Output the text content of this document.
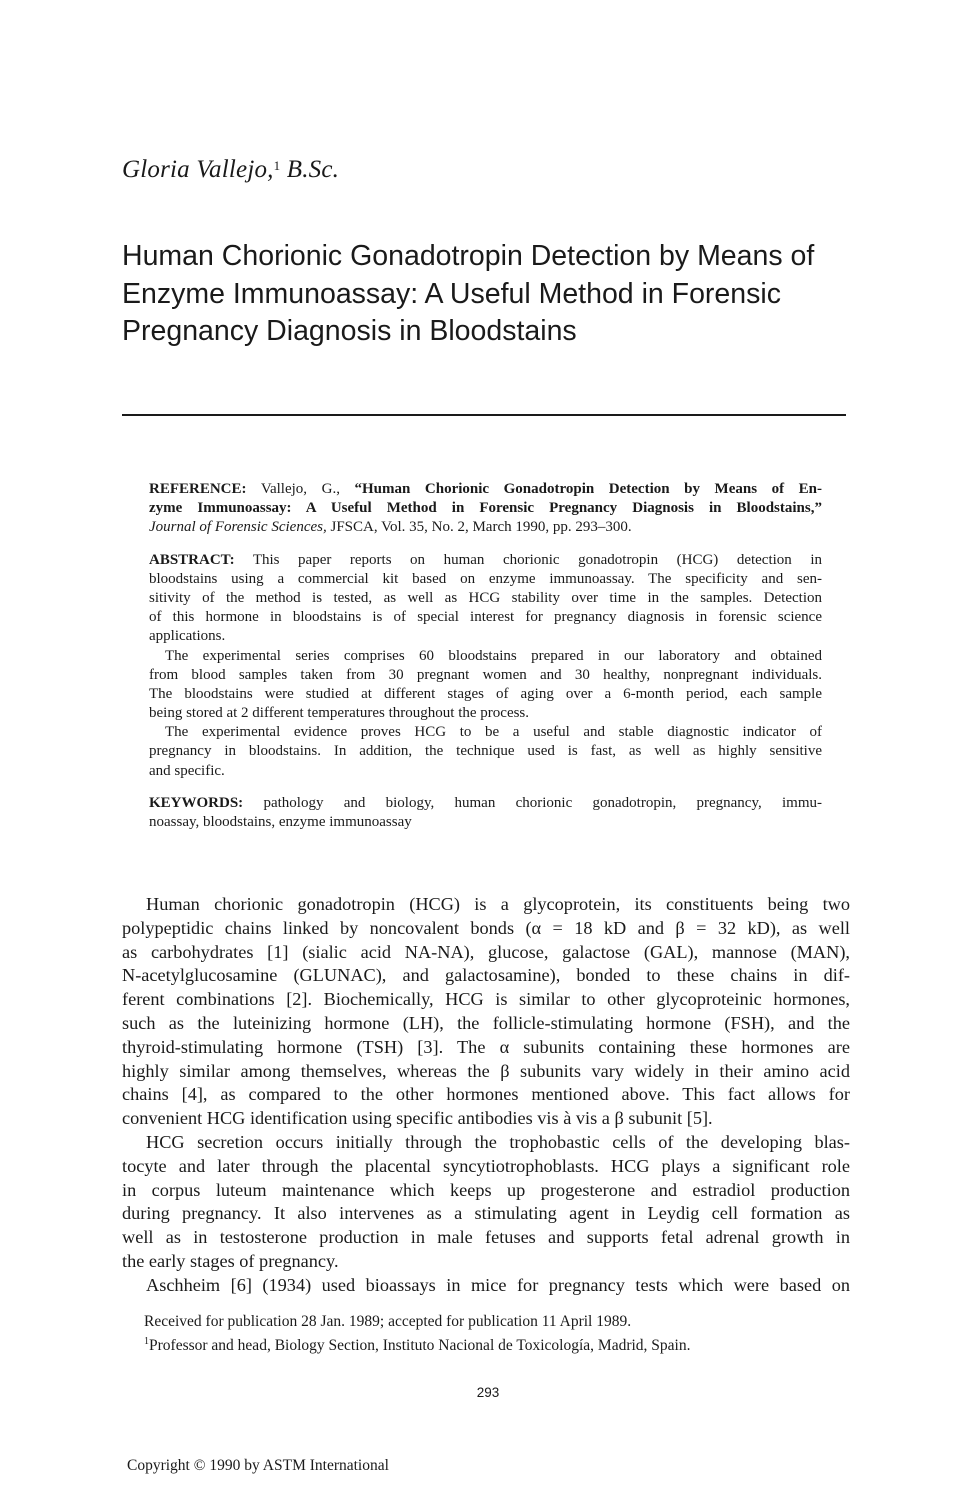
Gloria Vallejo,$^1$ B.Sc.
Human Chorionic Gonadotropin Detection by Means of
Enzyme Immunoassay: A Useful Method in Forensic
Pregnancy Diagnosis in Bloodstains
REFERENCE: Vallejo, G., “Human Chorionic Gonadotropin Detection by Means of En-
zyme Immunoassay: A Useful Method in Forensic Pregnancy Diagnosis in Bloodstains,”
Journal of Forensic Sciences, JFSCA, Vol. 35, No. 2, March 1990, pp. 293–300.
ABSTRACT: This paper reports on human chorionic gonadotropin (HCG) detection in
bloodstains using a commercial kit based on enzyme immunoassay. The specificity and sen-
sitivity of the method is tested, as well as HCG stability over time in the samples. Detection
of this hormone in bloodstains is of special interest for pregnancy diagnosis in forensic science
applications.
The experimental series comprises 60 bloodstains prepared in our laboratory and obtained
from blood samples taken from 30 pregnant women and 30 healthy, nonpregnant individuals.
The bloodstains were studied at different stages of aging over a 6-month period, each sample
being stored at 2 different temperatures throughout the process.
The experimental evidence proves HCG to be a useful and stable diagnostic indicator of
pregnancy in bloodstains. In addition, the technique used is fast, as well as highly sensitive
and specific.
KEYWORDS: pathology and biology, human chorionic gonadotropin, pregnancy, immu-
noassay, bloodstains, enzyme immunoassay
Human chorionic gonadotropin (HCG) is a glycoprotein, its constituents being two
polypeptidic chains linked by noncovalent bonds (α = 18 kD and β = 32 kD), as well
as carbohydrates [1] (sialic acid NA-NA), glucose, galactose (GAL), mannose (MAN),
N-acetylglucosamine (GLUNAC), and galactosamine), bonded to these chains in dif-
ferent combinations [2]. Biochemically, HCG is similar to other glycoproteinic hormones,
such as the luteinizing hormone (LH), the follicle-stimulating hormone (FSH), and the
thyroid-stimulating hormone (TSH) [3]. The α subunits containing these hormones are
highly similar among themselves, whereas the β subunits vary widely in their amino acid
chains [4], as compared to the other hormones mentioned above. This fact allows for
convenient HCG identification using specific antibodies vis à vis a β subunit [5].
HCG secretion occurs initially through the trophobastic cells of the developing blas-
tocyte and later through the placental syncytiotrophoblasts. HCG plays a significant role
in corpus luteum maintenance which keeps up progesterone and estradiol production
during pregnancy. It also intervenes as a stimulating agent in Leydig cell formation as
well as in testosterone production in male fetuses and supports fetal adrenal growth in
the early stages of pregnancy.
Aschheim [6] (1934) used bioassays in mice for pregnancy tests which were based on
Received for publication 28 Jan. 1989; accepted for publication 11 April 1989.
$^1$Professor and head, Biology Section, Instituto Nacional de Toxicología, Madrid, Spain.
293
Copyright © 1990 by ASTM International
